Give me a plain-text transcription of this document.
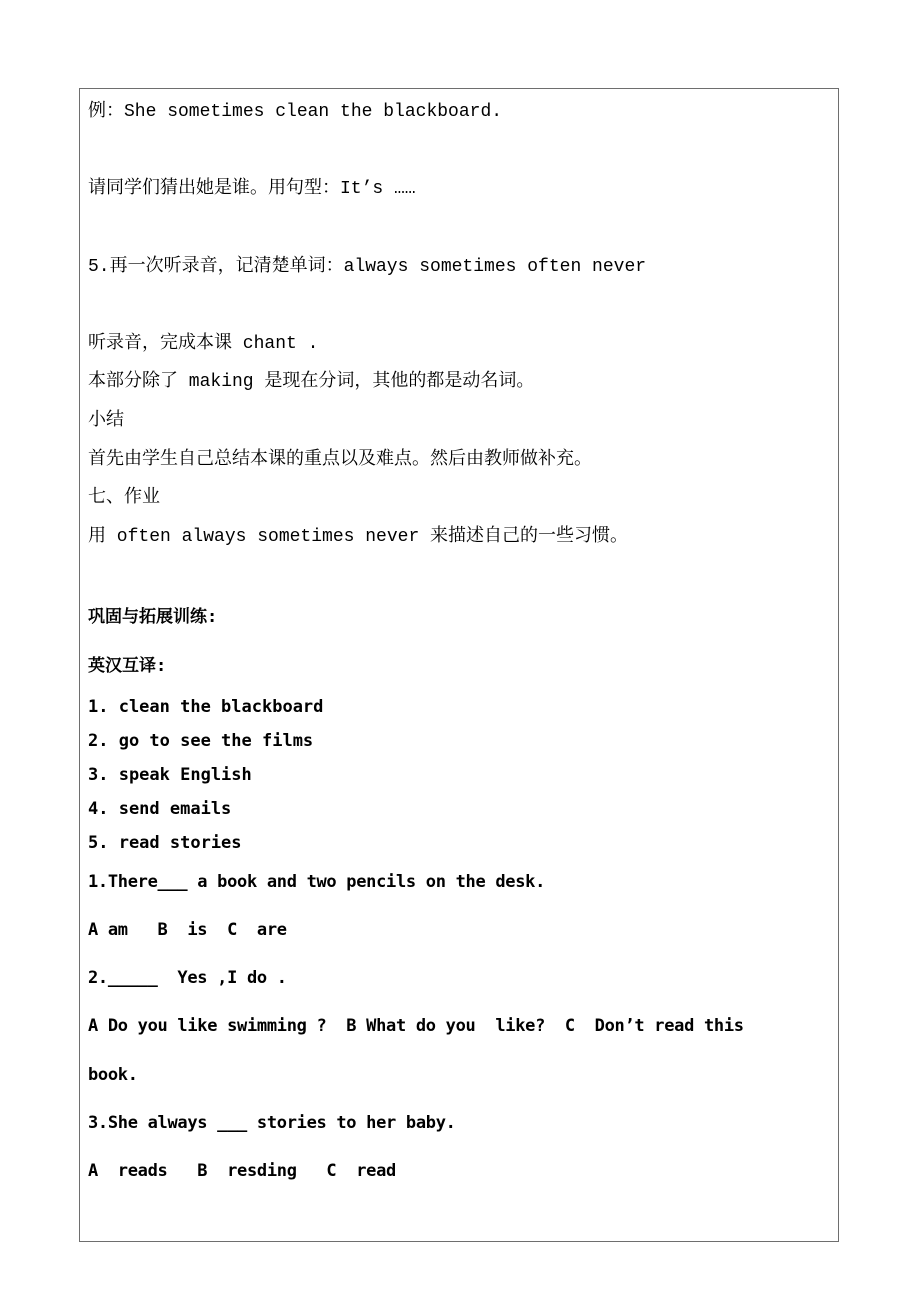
例：She sometimes clean the blackboard.
请同学们猜出她是谁。用句型：It’s ……
5.再一次听录音，记清楚单词：always sometimes often never
听录音，完成本课 chant .
本部分除了 making 是现在分词，其他的都是动名词。
小结
首先由学生自己总结本课的重点以及难点。然后由教师做补充。
七、作业
用 often always sometimes never 来描述自己的一些习惯。
巩固与拓展训练:
英汉互译:
1. clean the blackboard
2. go to see the films
3. speak English
4. send emails
5. read stories
1.There___ a book and two pencils on the desk.
A am   B  is  C  are
2._____  Yes ,I do .
A Do you like swimming ?  B What do you  like?  C  Don’t read this
book.
3.She always ___ stories to her baby.
A  reads   B  resding   C  read
